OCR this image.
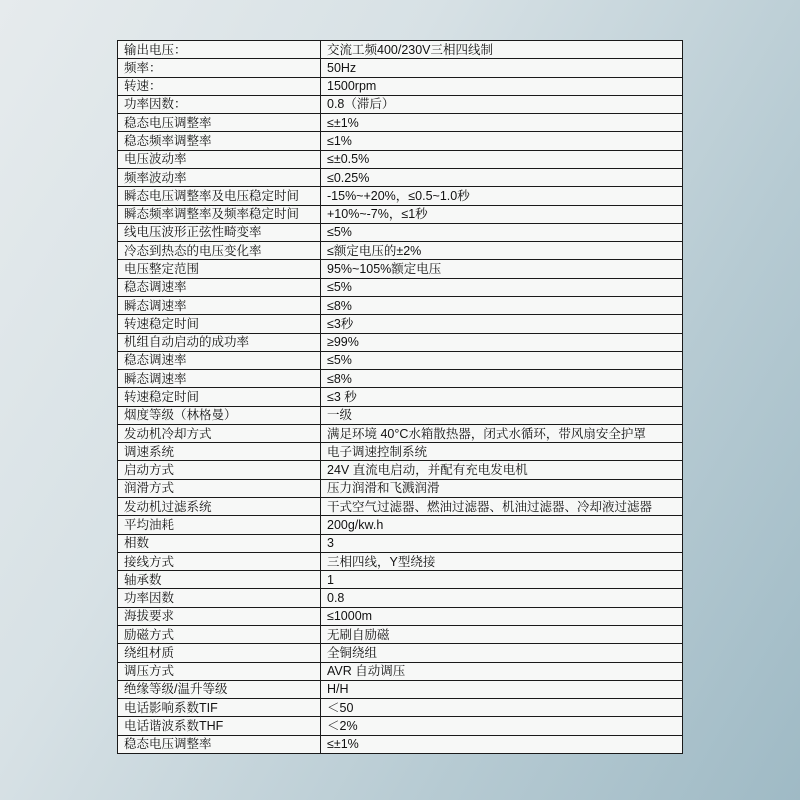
输出电压：	交流工频400/230V三相四线制
频率：	50Hz
转速：	1500rpm
功率因数：	0.8（滞后）
稳态电压调整率	≤±1%
稳态频率调整率	≤1%
电压波动率	≤±0.5%
频率波动率	≤0.25%
瞬态电压调整率及电压稳定时间	-15%~+20%，≤0.5~1.0秒
瞬态频率调整率及频率稳定时间	+10%~-7%，≤1秒
线电压波形正弦性畸变率	≤5%
冷态到热态的电压变化率	≤额定电压的±2%
电压整定范围	95%~105%额定电压
稳态调速率	≤5%
瞬态调速率	≤8%
转速稳定时间	≤3秒
机组自动启动的成功率	≥99%
稳态调速率	≤5%
瞬态调速率	≤8%
转速稳定时间	≤3 秒
烟度等级（林格曼）	一级
发动机冷却方式	满足环境 40°C水箱散热器，闭式水循环，带风扇安全护罩
调速系统	电子调速控制系统
启动方式	24V 直流电启动，并配有充电发电机
润滑方式	压力润滑和飞溅润滑
发动机过滤系统	干式空气过滤器、燃油过滤器、机油过滤器、冷却液过滤器
平均油耗	200g/kw.h
相数	3
接线方式	三相四线，Y型绕接
轴承数	1
功率因数	0.8
海拔要求	≤1000m
励磁方式	无刷自励磁
绕组材质	全铜绕组
调压方式	AVR 自动调压
绝缘等级/温升等级	H/H
电话影响系数TIF	＜50
电话谐波系数THF	＜2%
稳态电压调整率	≤±1%
